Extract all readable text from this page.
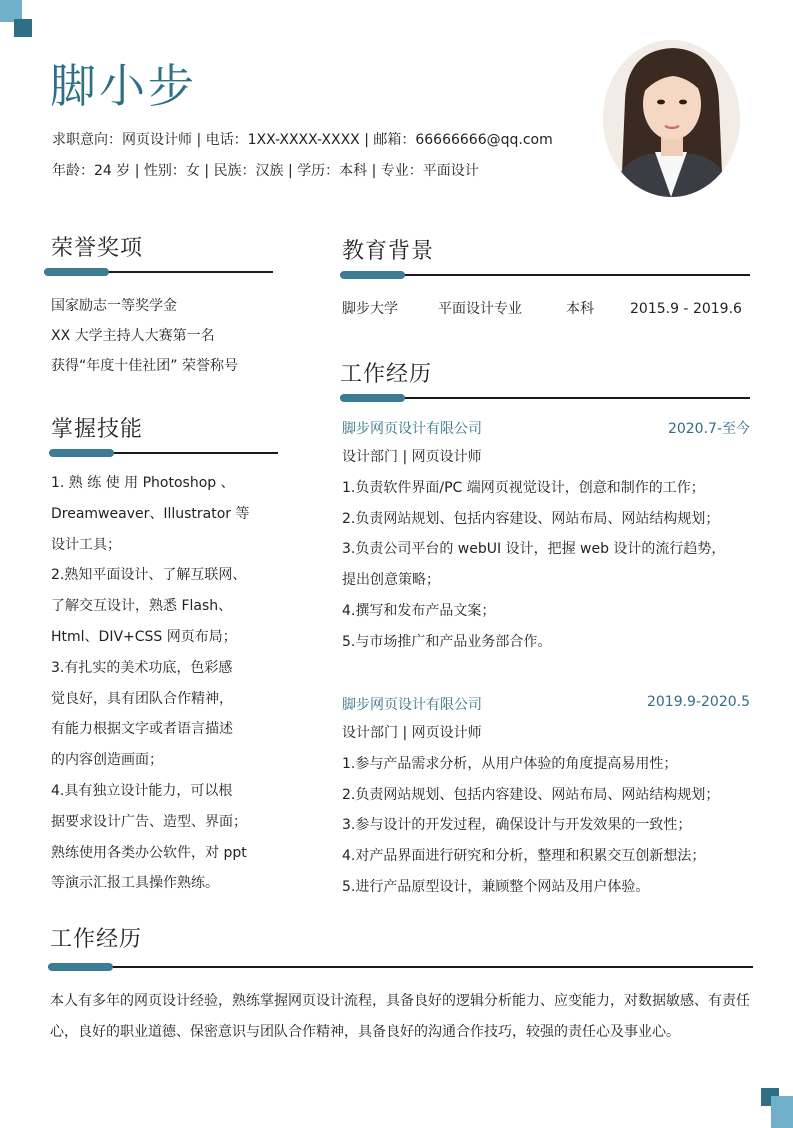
脚小步
求职意向：网页设计师 | 电话：1XX-XXXX-XXXX | 邮箱：66666666@qq.com
年龄：24 岁 | 性别：女 | 民族：汉族 | 学历：本科 | 专业：平面设计
荣誉奖项

国家励志一等奖学金

XX 大学主持人大赛第一名

获得“年度十佳社团” 荣誉称号

掌握技能

1. 熟 练 使 用 Photoshop 、

Dreamweaver、Illustrator 等

设计工具；

2.熟知平面设计、了解互联网、

了解交互设计，熟悉 Flash、

Html、DIV+CSS 网页布局；

3.有扎实的美术功底，色彩感

觉良好，具有团队合作精神，

有能力根据文字或者语言描述

的内容创造画面；

4.具有独立设计能力，可以根

据要求设计广告、造型、界面；

熟练使用各类办公软件，对 ppt

等演示汇报工具操作熟练。

教育背景
脚步大学	平面设计专业	本科	2015.9 - 2019.6
工作经历
脚步网页设计有限公司	2020.7-至今

设计部门 | 网页设计师

1.负责软件界面/PC 端网页视觉设计，创意和制作的工作；

2.负责网站规划、包括内容建设、网站布局、网站结构规划；

3.负责公司平台的 webUI 设计，把握 web 设计的流行趋势，

提出创意策略；

4.撰写和发布产品文案；

5.与市场推广和产品业务部合作。

脚步网页设计有限公司	2019.9-2020.5

设计部门 | 网页设计师

1.参与产品需求分析，从用户体验的角度提高易用性；

2.负责网站规划、包括内容建设、网站布局、网站结构规划；

3.参与设计的开发过程，确保设计与开发效果的一致性；

4.对产品界面进行研究和分析，整理和积累交互创新想法；

5.进行产品原型设计，兼顾整个网站及用户体验。

工作经历
本人有多年的网页设计经验，熟练掌握网页设计流程，具备良好的逻辑分析能力、应变能力，对数据敏感、有责任心，良好的职业道德、保密意识与团队合作精神，具备良好的沟通合作技巧，较强的责任心及事业心。
